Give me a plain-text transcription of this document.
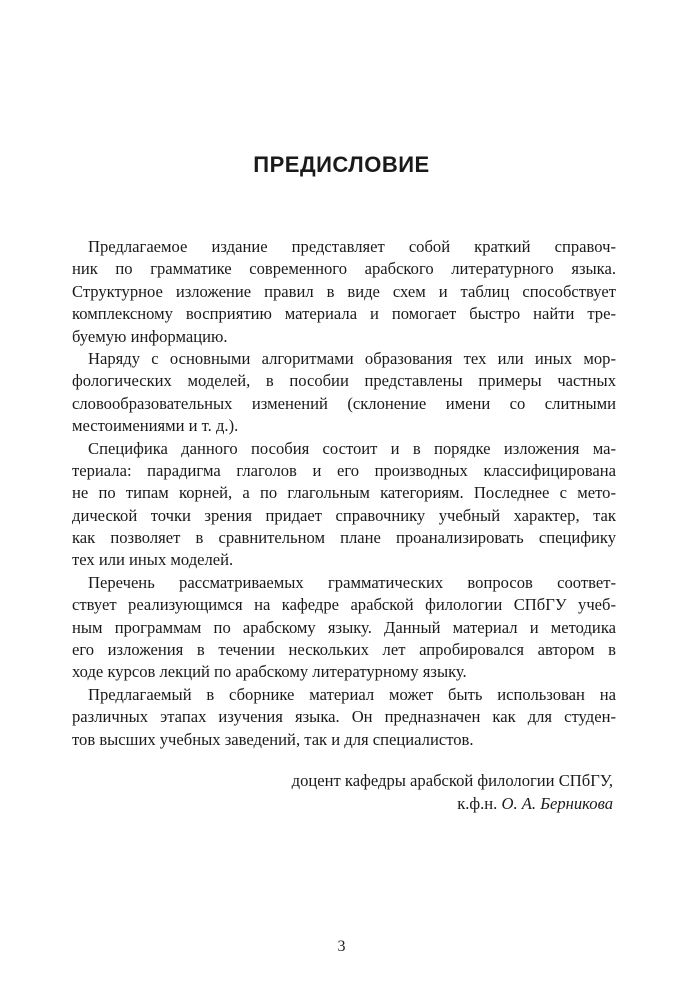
ПРЕДИСЛОВИЕ
Предлагаемое издание представляет собой краткий справоч-
ник по грамматике современного арабского литературного языка.
Структурное изложение правил в виде схем и таблиц способствует
комплексному восприятию материала и помогает быстро найти тре-
буемую информацию.
Наряду с основными алгоритмами образования тех или иных мор-
фологических моделей, в пособии представлены примеры частных
словообразовательных изменений (склонение имени со слитными
местоимениями и т. д.).
Специфика данного пособия состоит и в порядке изложения ма-
териала: парадигма глаголов и его производных классифицирована
не по типам корней, а по глагольным категориям. Последнее с мето-
дической точки зрения придает справочнику учебный характер, так
как позволяет в сравнительном плане проанализировать специфику
тех или иных моделей.
Перечень рассматриваемых грамматических вопросов соответ-
ствует реализующимся на кафедре арабской филологии СПбГУ учеб-
ным программам по арабскому языку. Данный материал и методика
его изложения в течении нескольких лет апробировался автором в
ходе курсов лекций по арабскому литературному языку.
Предлагаемый в сборнике материал может быть использован на
различных этапах изучения языка. Он предназначен как для студен-
тов высших учебных заведений, так и для специалистов.
доцент кафедры арабской филологии СПбГУ,
к.ф.н. О. А. Берникова
3
